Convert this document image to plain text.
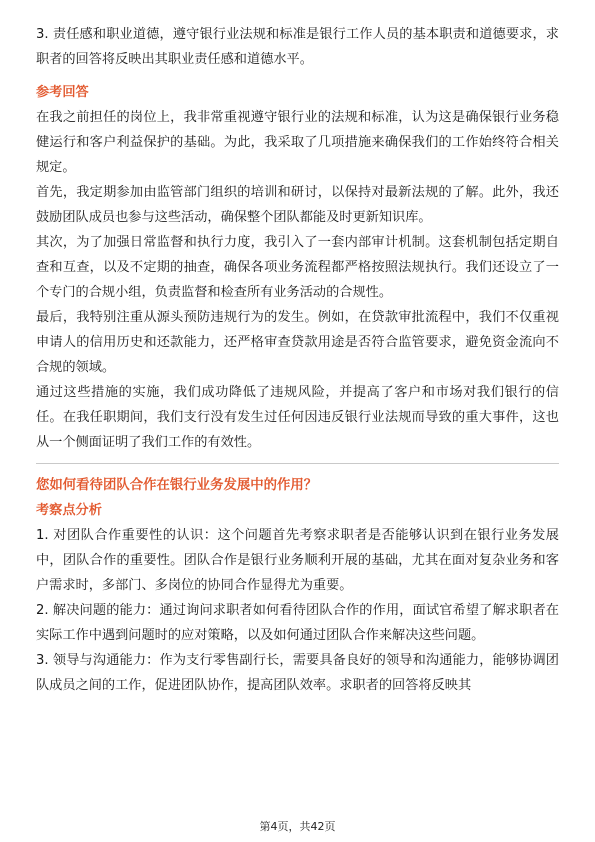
3. 责任感和职业道德，遵守银行业法规和标准是银行工作人员的基本职责和道德要求，求职者的回答将反映出其职业责任感和道德水平。

参考回答

在我之前担任的岗位上，我非常重视遵守银行业的法规和标准，认为这是确保银行业务稳健运行和客户利益保护的基础。为此，我采取了几项措施来确保我们的工作始终符合相关规定。

首先，我定期参加由监管部门组织的培训和研讨，以保持对最新法规的了解。此外，我还鼓励团队成员也参与这些活动，确保整个团队都能及时更新知识库。

其次，为了加强日常监督和执行力度，我引入了一套内部审计机制。这套机制包括定期自查和互查，以及不定期的抽查，确保各项业务流程都严格按照法规执行。我们还设立了一个专门的合规小组，负责监督和检查所有业务活动的合规性。

最后，我特别注重从源头预防违规行为的发生。例如，在贷款审批流程中，我们不仅重视申请人的信用历史和还款能力，还严格审查贷款用途是否符合监管要求，避免资金流向不合规的领域。

通过这些措施的实施，我们成功降低了违规风险，并提高了客户和市场对我们银行的信任。在我任职期间，我们支行没有发生过任何因违反银行业法规而导致的重大事件，这也从一个侧面证明了我们工作的有效性。

您如何看待团队合作在银行业务发展中的作用？
考察点分析

1. 对团队合作重要性的认识：这个问题首先考察求职者是否能够认识到在银行业务发展中，团队合作的重要性。团队合作是银行业务顺利开展的基础，尤其在面对复杂业务和客户需求时，多部门、多岗位的协同合作显得尤为重要。

2. 解决问题的能力：通过询问求职者如何看待团队合作的作用，面试官希望了解求职者在实际工作中遇到问题时的应对策略，以及如何通过团队合作来解决这些问题。

3. 领导与沟通能力：作为支行零售副行长，需要具备良好的领导和沟通能力，能够协调团队成员之间的工作，促进团队协作，提高团队效率。求职者的回答将反映其

第4页，共42页
